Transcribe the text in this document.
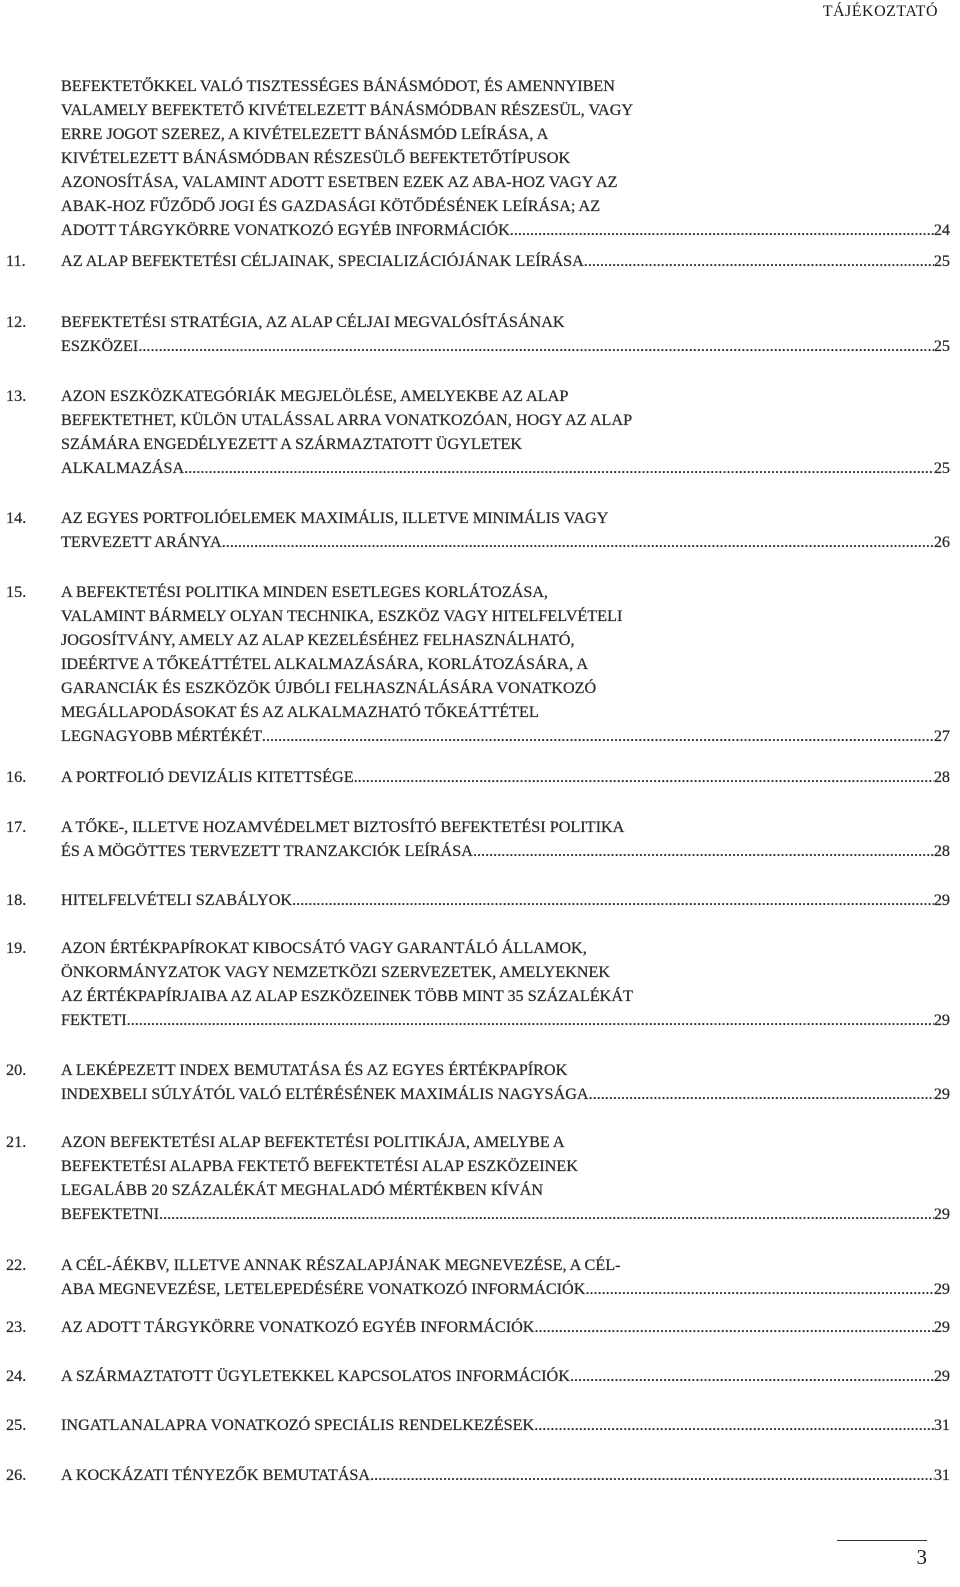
TÁJÉKOZTATÓ
BEFEKTETŐKKEL VALÓ TISZTESSÉGES BÁNÁSMÓDOT, ÉS AMENNYIBEN
VALAMELY BEFEKTETŐ KIVÉTELEZETT BÁNÁSMÓDBAN RÉSZESÜL, VAGY
ERRE JOGOT SZEREZ, A KIVÉTELEZETT BÁNÁSMÓD LEÍRÁSA, A
KIVÉTELEZETT BÁNÁSMÓDBAN RÉSZESÜLŐ BEFEKTETŐTÍPUSOK
AZONOSÍTÁSA, VALAMINT ADOTT ESETBEN EZEK AZ ABA-HOZ VAGY AZ
ABAK-HOZ FŰZŐDŐ JOGI ÉS GAZDASÁGI KÖTŐDÉSÉNEK LEÍRÁSA; AZ
ADOTT TÁRGYKÖRRE VONATKOZÓ EGYÉB INFORMÁCIÓK .....	24
11. AZ ALAP BEFEKTETÉSI CÉLJAINAK, SPECIALIZÁCIÓJÁNAK LEÍRÁSA .....	25
12. BEFEKTETÉSI STRATÉGIA, AZ ALAP CÉLJAI MEGVALÓSÍTÁSÁNAK
ESZKÖZEI .....	25
13. AZON ESZKÖZKATEGÓRIÁK MEGJELÖLÉSE, AMELYEKBE AZ ALAP
BEFEKTETHET, KÜLÖN UTALÁSSAL ARRA VONATKOZÓAN, HOGY AZ ALAP
SZÁMÁRA ENGEDÉLYEZETT A SZÁRMAZTATOTT ÜGYLETEK
ALKALMAZÁSA .....	25
14. AZ EGYES PORTFOLIÓELEMEK MAXIMÁLIS, ILLETVE MINIMÁLIS VAGY
TERVEZETT ARÁNYA .....	26
15. A BEFEKTETÉSI POLITIKA MINDEN ESETLEGES KORLÁTOZÁSA,
VALAMINT BÁRMELY OLYAN TECHNIKA, ESZKÖZ VAGY HITELFELVÉTELI
JOGOSÍTVÁNY, AMELY AZ ALAP KEZELÉSÉHEZ FELHASZNÁLHATÓ,
IDEÉRTVE A TŐKEÁTTÉTEL ALKALMAZÁSÁRA, KORLÁTOZÁSÁRA, A
GARANCIÁK ÉS ESZKÖZÖK ÚJBÓLI FELHASZNÁLÁSÁRA VONATKOZÓ
MEGÁLLAPODÁSOKAT ÉS AZ ALKALMAZHATÓ TŐKEÁTTÉTEL
LEGNAGYOBB MÉRTÉKÉT .....	27
16. A PORTFOLIÓ DEVIZÁLIS KITETTSÉGE .....	28
17. A TŐKE-, ILLETVE HOZAMVÉDELMET BIZTOSÍTÓ BEFEKTETÉSI POLITIKA
ÉS A MÖGÖTTES TERVEZETT TRANZAKCIÓK LEÍRÁSA .....	28
18. HITELFELVÉTELI SZABÁLYOK .....	29
19. AZON ÉRTÉKPAPÍROKAT KIBOCSÁTÓ VAGY GARANTÁLÓ ÁLLAMOK,
ÖNKORMÁNYZATOK VAGY NEMZETKÖZI SZERVEZETEK, AMELYEKNEK
AZ ÉRTÉKPAPÍRJAIBA AZ ALAP ESZKÖZEINEK TÖBB MINT 35 SZÁZALÉKÁT
FEKTETI .....	29
20. A LEKÉPEZETT INDEX BEMUTATÁSA ÉS AZ EGYES ÉRTÉKPAPÍROK
INDEXBELI SÚLYÁTÓL VALÓ ELTÉRÉSÉNEK MAXIMÁLIS NAGYSÁGA .....	29
21. AZON BEFEKTETÉSI ALAP BEFEKTETÉSI POLITIKÁJA, AMELYBE A
BEFEKTETÉSI ALAPBA FEKTETŐ BEFEKTETÉSI ALAP ESZKÖZEINEK
LEGALÁBB 20 SZÁZALÉKÁT MEGHALADÓ MÉRTÉKBEN KÍVÁN
BEFEKTETNI .....	29
22. A CÉL-ÁÉKBV, ILLETVE ANNAK RÉSZALAPJÁNAK MEGNEVEZÉSE, A CÉL-
ABA MEGNEVEZÉSE, LETELEPEDÉSÉRE VONATKOZÓ INFORMÁCIÓK .....	29
23. AZ ADOTT TÁRGYKÖRRE VONATKOZÓ EGYÉB INFORMÁCIÓK .....	29
24. A SZÁRMAZTATOTT ÜGYLETEKKEL KAPCSOLATOS INFORMÁCIÓK .....	29
25. INGATLANALAPRA VONATKOZÓ SPECIÁLIS RENDELKEZÉSEK .....	31
26. A KOCKÁZATI TÉNYEZŐK BEMUTATÁSA .....	31
3
